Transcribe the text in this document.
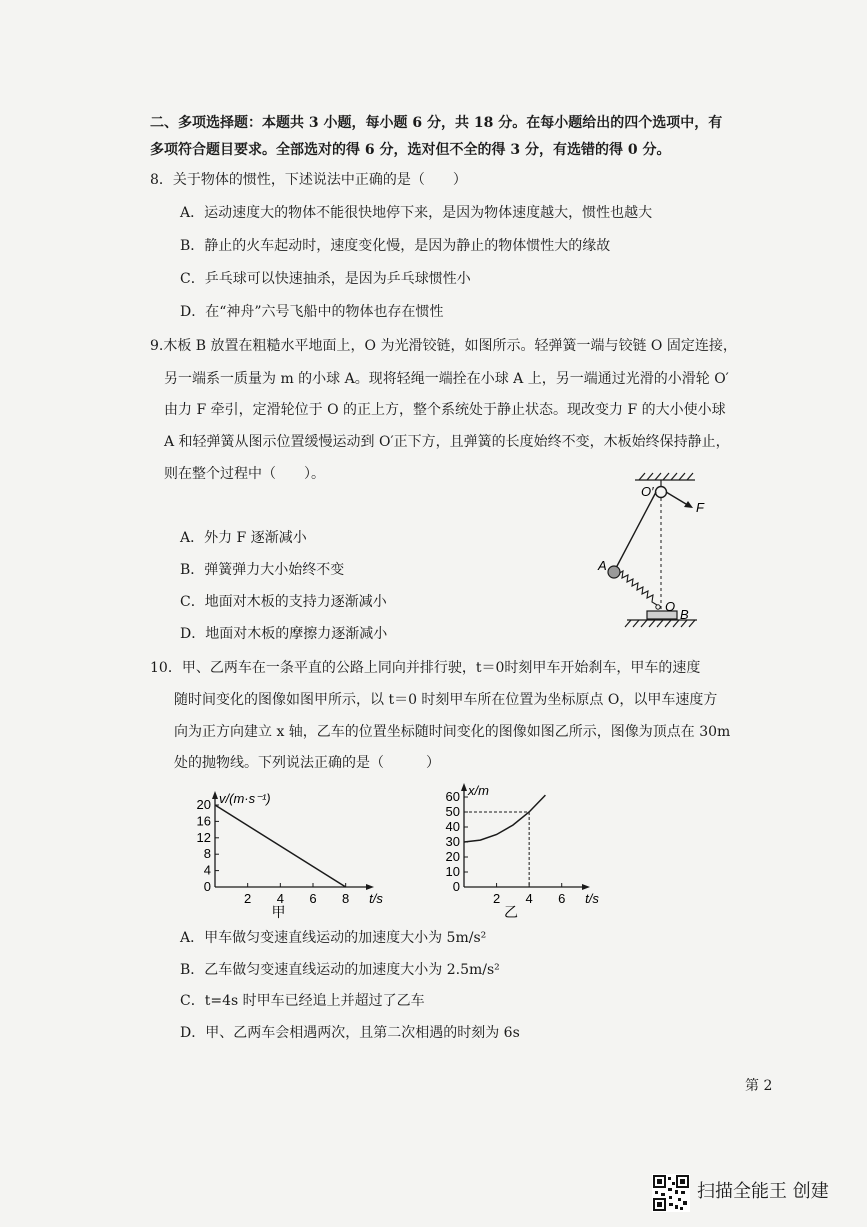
二、多项选择题：本题共 3 小题，每小题 6 分，共 18 分。在每小题给出的四个选项中，有
多项符合题目要求。全部选对的得 6 分，选对但不全的得 3 分，有选错的得 0 分。
8．关于物体的惯性，下述说法中正确的是（　　）
A．运动速度大的物体不能很快地停下来，是因为物体速度越大，惯性也越大
B．静止的火车起动时，速度变化慢，是因为静止的物体惯性大的缘故
C．乒乓球可以快速抽杀，是因为乒乓球惯性小
D．在“神舟”六号飞船中的物体也存在惯性
9.木板 B 放置在粗糙水平地面上，O 为光滑铰链，如图所示。轻弹簧一端与铰链 O 固定连接，
另一端系一质量为 m 的小球 A。现将轻绳一端拴在小球 A 上，另一端通过光滑的小滑轮 O′
由力 F 牵引，定滑轮位于 O 的正上方，整个系统处于静止状态。现改变力 F 的大小使小球
A 和轻弹簧从图示位置缓慢运动到 O′正下方，且弹簧的长度始终不变，木板始终保持静止，
则在整个过程中（　　）。
A．外力 F 逐渐减小
B．弹簧弹力大小始终不变
C．地面对木板的支持力逐渐减小
D．地面对木板的摩擦力逐渐减小
O′
F
A
O
B
10．甲、乙两车在一条平直的公路上同向并排行驶，t＝0时刻甲车开始刹车，甲车的速度
随时间变化的图像如图甲所示，以 t＝0 时刻甲车所在位置为坐标原点 O，以甲车速度方
向为正方向建立 x 轴，乙车的位置坐标随时间变化的图像如图乙所示，图像为顶点在 30m
处的抛物线。下列说法正确的是（　　　）
0
4
8
12
16
20
2 4 6 8 t/s
v/(m·s⁻¹)
甲
0
10
20
30
40
50
60
2 4 6 t/s
x/m
乙
A．甲车做匀变速直线运动的加速度大小为 5m/s²
B．乙车做匀变速直线运动的加速度大小为 2.5m/s²
C．t=4s 时甲车已经追上并超过了乙车
D．甲、乙两车会相遇两次，且第二次相遇的时刻为 6s
第 2
扫描全能王 创建
